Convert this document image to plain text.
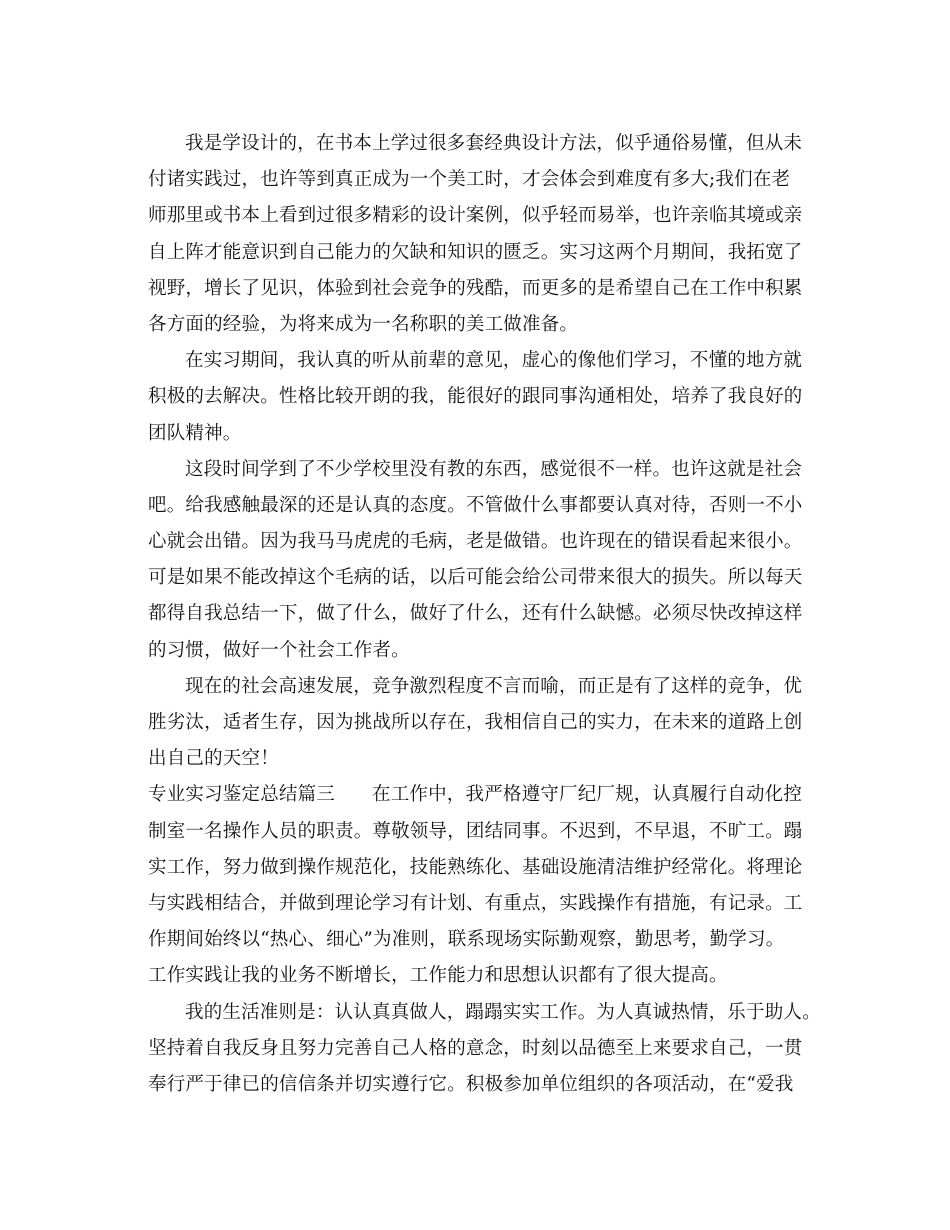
我是学设计的，在书本上学过很多套经典设计方法，似乎通俗易懂，但从未
付诸实践过，也许等到真正成为一个美工时，才会体会到难度有多大;我们在老
师那里或书本上看到过很多精彩的设计案例，似乎轻而易举，也许亲临其境或亲
自上阵才能意识到自己能力的欠缺和知识的匮乏。实习这两个月期间，我拓宽了
视野，增长了见识，体验到社会竞争的残酷，而更多的是希望自己在工作中积累
各方面的经验，为将来成为一名称职的美工做准备。
在实习期间，我认真的听从前辈的意见，虚心的像他们学习，不懂的地方就
积极的去解决。性格比较开朗的我，能很好的跟同事沟通相处，培养了我良好的
团队精神。
这段时间学到了不少学校里没有教的东西，感觉很不一样。也许这就是社会
吧。给我感触最深的还是认真的态度。不管做什么事都要认真对待，否则一不小
心就会出错。因为我马马虎虎的毛病，老是做错。也许现在的错误看起来很小。
可是如果不能改掉这个毛病的话，以后可能会给公司带来很大的损失。所以每天
都得自我总结一下，做了什么，做好了什么，还有什么缺憾。必须尽快改掉这样
的习惯，做好一个社会工作者。
现在的社会高速发展，竞争激烈程度不言而喻，而正是有了这样的竞争，优
胜劣汰，适者生存，因为挑战所以存在，我相信自己的实力，在未来的道路上创
出自己的天空！
专业实习鉴定总结篇三 在工作中，我严格遵守厂纪厂规，认真履行自动化控
制室一名操作人员的职责。尊敬领导，团结同事。不迟到，不早退，不旷工。蹋
实工作，努力做到操作规范化，技能熟练化、基础设施清洁维护经常化。将理论
与实践相结合，并做到理论学习有计划、有重点，实践操作有措施，有记录。工
作期间始终以“热心、细心”为准则，联系现场实际勤观察，勤思考，勤学习。
工作实践让我的业务不断增长，工作能力和思想认识都有了很大提高。
我的生活准则是：认认真真做人，蹋蹋实实工作。为人真诚热情，乐于助人。
坚持着自我反身且努力完善自己人格的意念，时刻以品德至上来要求自己，一贯
奉行严于律已的信信条并切实遵行它。积极参加单位组织的各项活动，在“爱我
